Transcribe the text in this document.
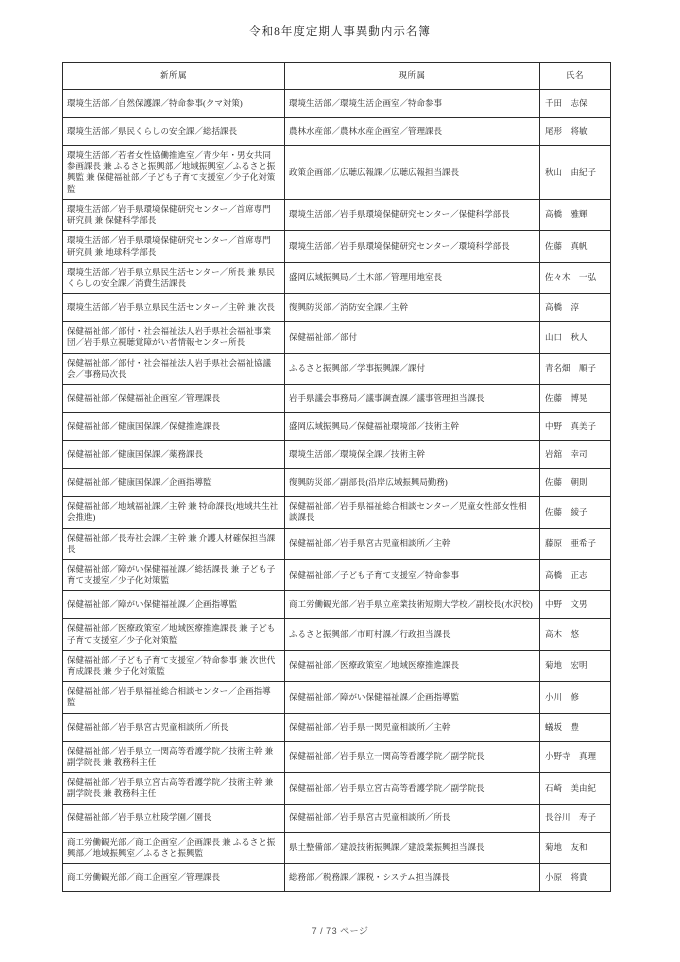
令和8年度定期人事異動内示名簿
新所属	現所属	氏名
環境生活部／自然保護課／特命参事(クマ対策)	環境生活部／環境生活企画室／特命参事	千田　志保
環境生活部／県民くらしの安全課／総括課長	農林水産部／農林水産企画室／管理課長	尾形　将敏
環境生活部／若者女性協働推進室／青少年・男女共同参画課長 兼 ふるさと振興部／地域振興室／ふるさと振興監 兼 保健福祉部／子ども子育て支援室／少子化対策監	政策企画部／広聴広報課／広聴広報担当課長	秋山　由紀子
環境生活部／岩手県環境保健研究センター／首席専門研究員 兼 保健科学部長	環境生活部／岩手県環境保健研究センター／保健科学部長	高橋　雅輝
環境生活部／岩手県環境保健研究センター／首席専門研究員 兼 地球科学部長	環境生活部／岩手県環境保健研究センター／環境科学部長	佐藤　真帆
環境生活部／岩手県立県民生活センター／所長 兼 県民くらしの安全課／消費生活課長	盛岡広域振興局／土木部／管理用地室長	佐々木　一弘
環境生活部／岩手県立県民生活センター／主幹 兼 次長	復興防災部／消防安全課／主幹	高橋　淳
保健福祉部／部付・社会福祉法人岩手県社会福祉事業団／岩手県立視聴覚障がい者情報センター所長	保健福祉部／部付	山口　秋人
保健福祉部／部付・社会福祉法人岩手県社会福祉協議会／事務局次長	ふるさと振興部／学事振興課／課付	青名畑　順子
保健福祉部／保健福祉企画室／管理課長	岩手県議会事務局／議事調査課／議事管理担当課長	佐藤　博晃
保健福祉部／健康国保課／保健推進課長	盛岡広域振興局／保健福祉環境部／技術主幹	中野　真美子
保健福祉部／健康国保課／薬務課長	環境生活部／環境保全課／技術主幹	岩舘　幸司
保健福祉部／健康国保課／企画指導監	復興防災部／副部長(沿岸広域振興局勤務)	佐藤　朝則
保健福祉部／地域福祉課／主幹 兼 特命課長(地域共生社会推進)	保健福祉部／岩手県福祉総合相談センター／児童女性部女性相談課長	佐藤　綾子
保健福祉部／長寿社会課／主幹 兼 介護人材確保担当課長	保健福祉部／岩手県宮古児童相談所／主幹	藤原　亜希子
保健福祉部／障がい保健福祉課／総括課長 兼 子ども子育て支援室／少子化対策監	保健福祉部／子ども子育て支援室／特命参事	高橋　正志
保健福祉部／障がい保健福祉課／企画指導監	商工労働観光部／岩手県立産業技術短期大学校／副校長(水沢校)	中野　文男
保健福祉部／医療政策室／地域医療推進課長 兼 子ども子育て支援室／少子化対策監	ふるさと振興部／市町村課／行政担当課長	高木　悠
保健福祉部／子ども子育て支援室／特命参事 兼 次世代育成課長 兼 少子化対策監	保健福祉部／医療政策室／地域医療推進課長	菊地　宏明
保健福祉部／岩手県福祉総合相談センター／企画指導監	保健福祉部／障がい保健福祉課／企画指導監	小川　修
保健福祉部／岩手県宮古児童相談所／所長	保健福祉部／岩手県一関児童相談所／主幹	蟻坂　豊
保健福祉部／岩手県立一関高等看護学院／技術主幹 兼 副学院長 兼 教務科主任	保健福祉部／岩手県立一関高等看護学院／副学院長	小野寺　真理
保健福祉部／岩手県立宮古高等看護学院／技術主幹 兼 副学院長 兼 教務科主任	保健福祉部／岩手県立宮古高等看護学院／副学院長	石崎　美由紀
保健福祉部／岩手県立杜陵学園／園長	保健福祉部／岩手県宮古児童相談所／所長	長谷川　寿子
商工労働観光部／商工企画室／企画課長 兼 ふるさと振興部／地域振興室／ふるさと振興監	県土整備部／建設技術振興課／建設業振興担当課長	菊地　友和
商工労働観光部／商工企画室／管理課長	総務部／税務課／課税・システム担当課長	小原　将貴
7 / 73 ページ
